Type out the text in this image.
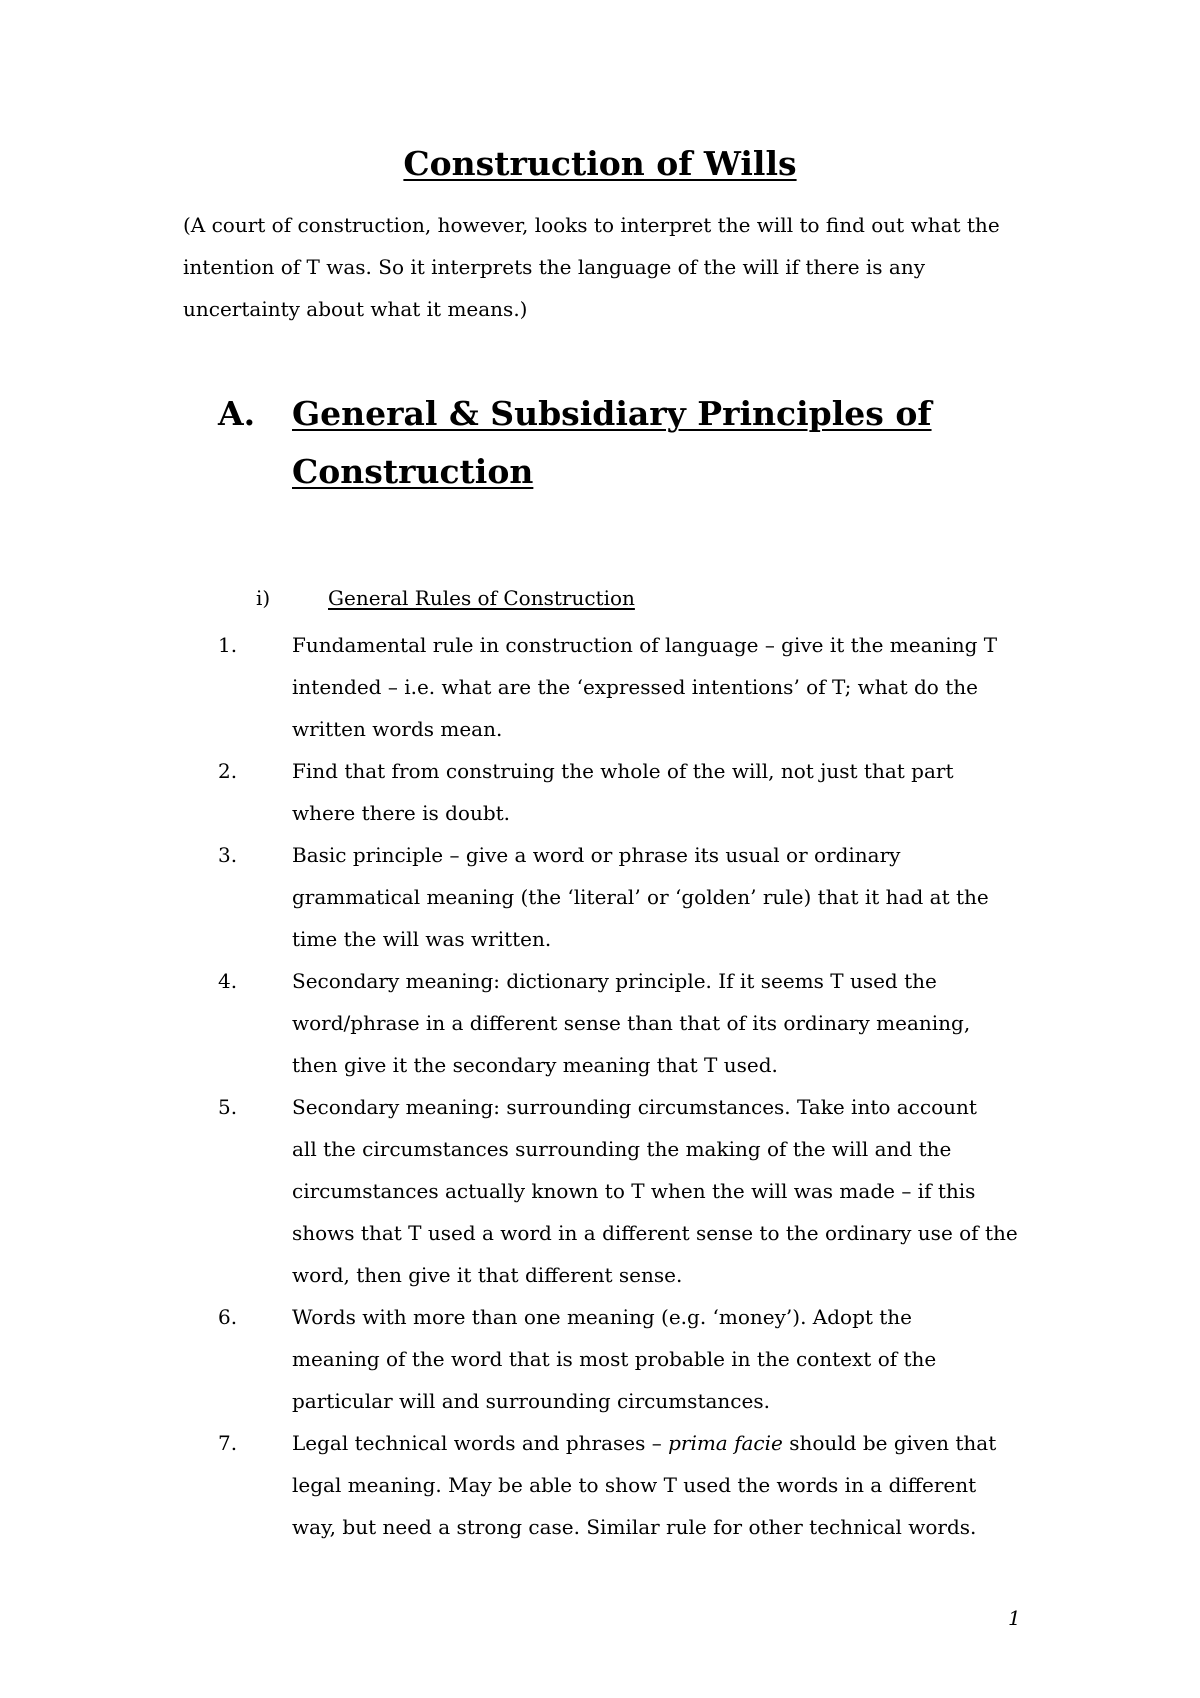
Construction of Wills
(A court of construction, however, looks to interpret the will to find out what the
intention of T was. So it interprets the language of the will if there is any
uncertainty about what it means.)
A. General & Subsidiary Principles of
Construction
i)	General Rules of Construction
1.	Fundamental rule in construction of language – give it the meaning T
intended – i.e. what are the ‘expressed intentions’ of T; what do the
written words mean.
2.	Find that from construing the whole of the will, not just that part
where there is doubt.
3.	Basic principle – give a word or phrase its usual or ordinary
grammatical meaning (the ‘literal’ or ‘golden’ rule) that it had at the
time the will was written.
4.	Secondary meaning: dictionary principle. If it seems T used the
word/phrase in a different sense than that of its ordinary meaning,
then give it the secondary meaning that T used.
5.	Secondary meaning: surrounding circumstances. Take into account
all the circumstances surrounding the making of the will and the
circumstances actually known to T when the will was made – if this
shows that T used a word in a different sense to the ordinary use of the
word, then give it that different sense.
6.	Words with more than one meaning (e.g. ‘money’). Adopt the
meaning of the word that is most probable in the context of the
particular will and surrounding circumstances.
7.	Legal technical words and phrases – prima facie should be given that
legal meaning. May be able to show T used the words in a different
way, but need a strong case. Similar rule for other technical words.
1
